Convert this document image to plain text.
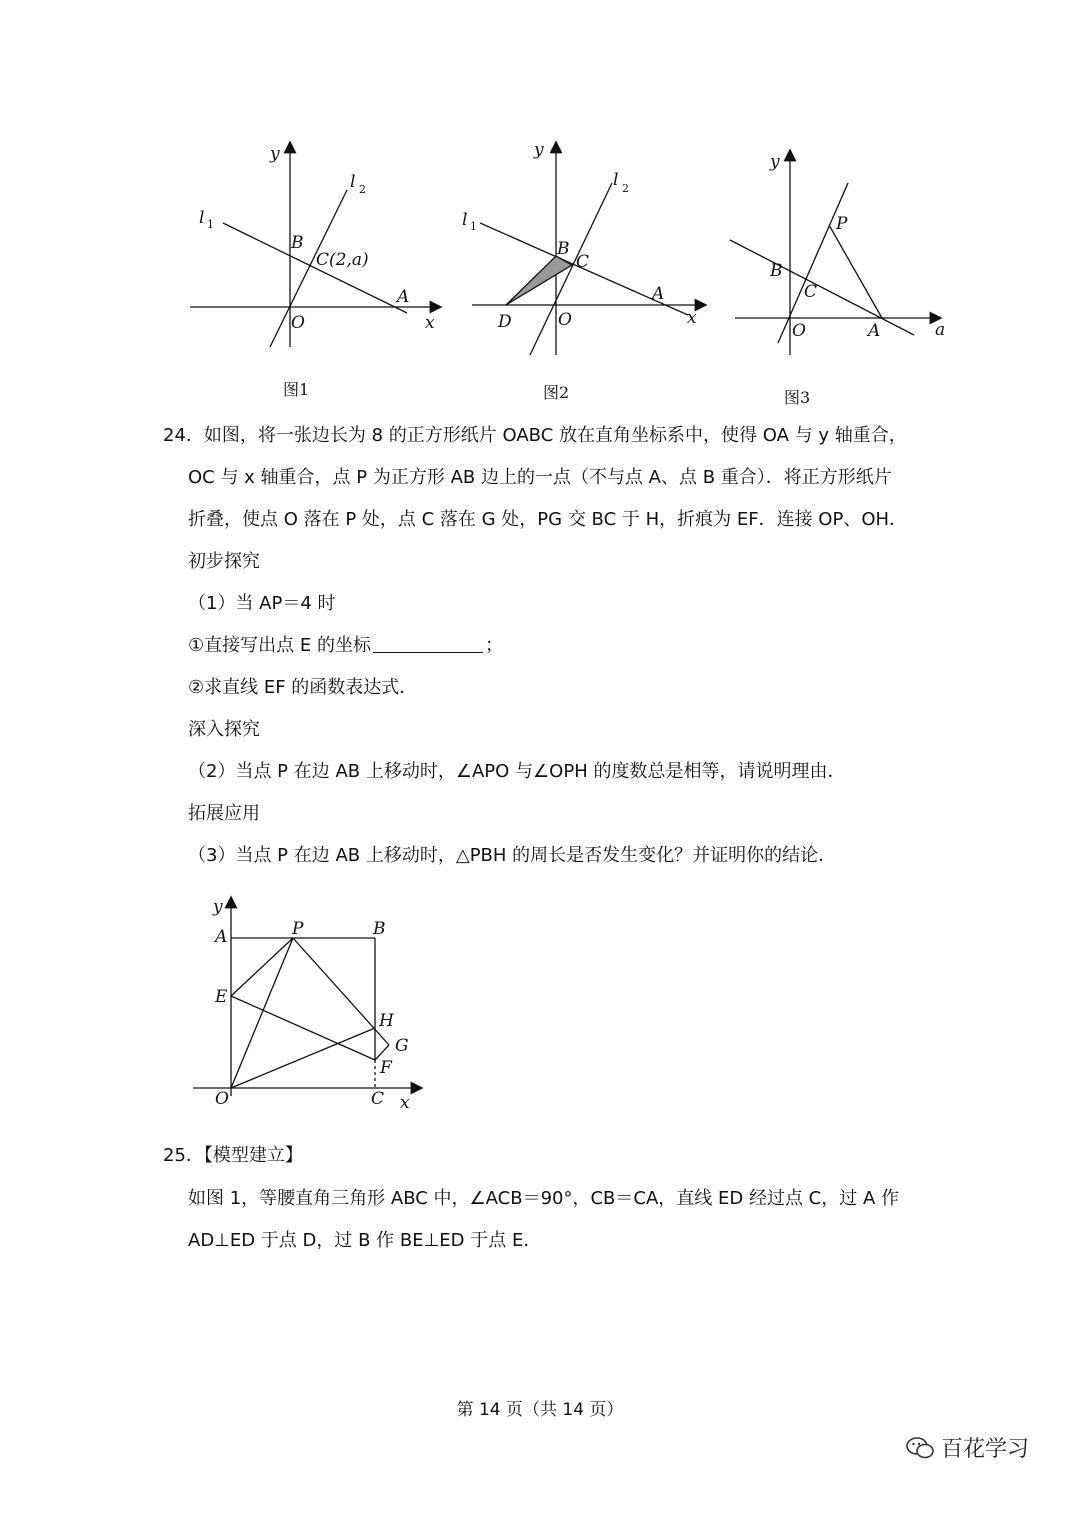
y
x
l 1
l 2
B
C(2,a)
A
O
图1
y
x
l 1
l 2
B
C
A
O
D
图2
y
a
P
B
C
O	A
图3
24．如图，将一张边长为 8 的正方形纸片 OABC 放在直角坐标系中，使得 OA 与 y 轴重合，
OC 与 x 轴重合，点 P 为正方形 AB 边上的一点（不与点 A、点 B 重合）．将正方形纸片
折叠，使点 O 落在 P 处，点 C 落在 G 处，PG 交 BC 于 H，折痕为 EF．连接 OP、OH．
初步探究
（1）当 AP＝4 时
①直接写出点 E 的坐标	；
②求直线 EF 的函数表达式．
深入探究
（2）当点 P 在边 AB 上移动时，∠APO 与∠OPH 的度数总是相等，请说明理由．
拓展应用
（3）当点 P 在边 AB 上移动时，△PBH 的周长是否发生变化？并证明你的结论．
y
x
A	P	B
E
H
G
F
O	C
25．【模型建立】
如图 1，等腰直角三角形 ABC 中，∠ACB＝90°，CB＝CA，直线 ED 经过点 C，过 A 作
AD⊥ED 于点 D，过 B 作 BE⊥ED 于点 E．
第 14 页（共 14 页）
百花学习
